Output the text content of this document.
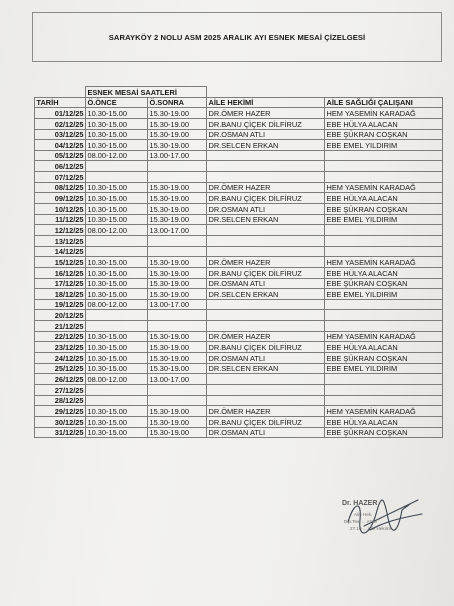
SARAYKÖY 2 NOLU ASM 2025 ARALIK AYI ESNEK MESAİ ÇİZELGESİ
	ESNEK MESAİ SAATLERİ			
TARİH	Ö.ÖNCE	Ö.SONRA	AİLE HEKİMİ	AİLE SAĞLIĞI ÇALIŞANI
01/12/25	10.30-15.00	15.30-19.00	DR.ÖMER HAZER	HEM YASEMİN KARADAĞ
02/12/25	10.30-15.00	15.30-19.00	DR.BANU ÇİÇEK DİLFİRUZ	EBE HÜLYA ALACAN
03/12/25	10.30-15.00	15.30-19.00	DR.OSMAN ATLI	EBE ŞÜKRAN COŞKAN
04/12/25	10.30-15.00	15.30-19.00	DR.SELCEN ERKAN	EBE EMEL YILDIRIM
05/12/25	08.00-12.00	13.00-17.00		
06/12/25				
07/12/25				
08/12/25	10.30-15.00	15.30-19.00	DR.ÖMER HAZER	HEM YASEMİN KARADAĞ
09/12/25	10.30-15.00	15.30-19.00	DR.BANU ÇİÇEK DİLFİRUZ	EBE HÜLYA ALACAN
10/12/25	10.30-15.00	15.30-19.00	DR.OSMAN ATLI	EBE ŞÜKRAN COŞKAN
11/12/25	10.30-15.00	15.30-19.00	DR.SELCEN ERKAN	EBE EMEL YILDIRIM
12/12/25	08.00-12.00	13.00-17.00		
13/12/25				
14/12/25				
15/12/25	10.30-15.00	15.30-19.00	DR.ÖMER HAZER	HEM YASEMİN KARADAĞ
16/12/25	10.30-15.00	15.30-19.00	DR.BANU ÇİÇEK DİLFİRUZ	EBE HÜLYA ALACAN
17/12/25	10.30-15.00	15.30-19.00	DR.OSMAN ATLI	EBE ŞÜKRAN COŞKAN
18/12/25	10.30-15.00	15.30-19.00	DR.SELCEN ERKAN	EBE EMEL YILDIRIM
19/12/25	08.00-12.00	13.00-17.00		
20/12/25				
21/12/25				
22/12/25	10.30-15.00	15.30-19.00	DR.ÖMER HAZER	HEM YASEMİN KARADAĞ
23/12/25	10.30-15.00	15.30-19.00	DR.BANU ÇİÇEK DİLFİRUZ	EBE HÜLYA ALACAN
24/12/25	10.30-15.00	15.30-19.00	DR.OSMAN ATLI	EBE ŞÜKRAN COŞKAN
25/12/25	10.30-15.00	15.30-19.00	DR.SELCEN ERKAN	EBE EMEL YILDIRIM
26/12/25	08.00-12.00	13.00-17.00		
27/12/25				
28/12/25				
29/12/25	10.30-15.00	15.30-19.00	DR.ÖMER HAZER	HEM YASEMİN KARADAĞ
30/12/25	10.30-15.00	15.30-19.00	DR.BANU ÇİÇEK DİLFİRUZ	EBE HÜLYA ALACAN
31/12/25	10.30-15.00	15.30-19.00	DR.OSMAN ATLI	EBE ŞÜKRAN COŞKAN
Dr. HAZER
Aile Hek.
Dip.Tes. ... ASM
27.10 ... Aile Hekimi
